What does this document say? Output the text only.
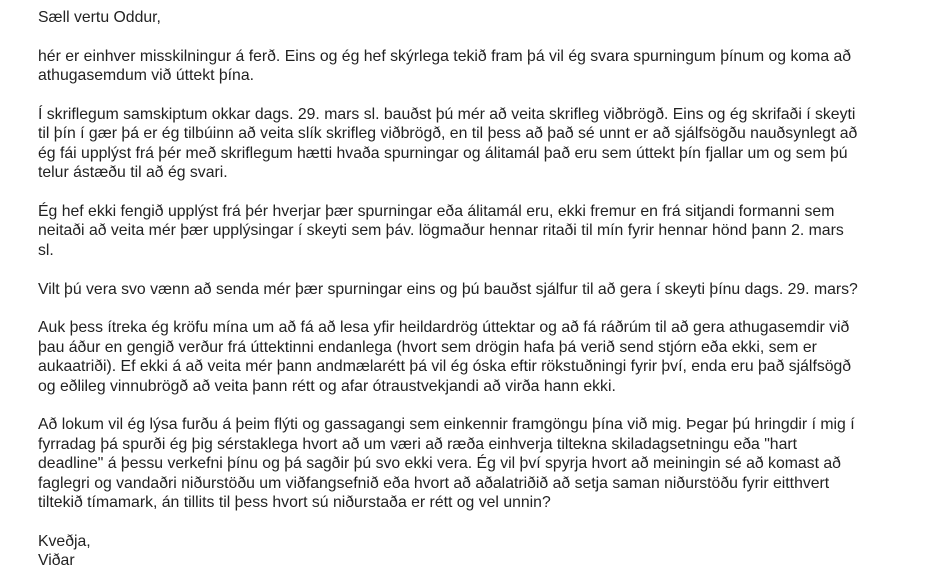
Sæll vertu Oddur,

hér er einhver misskilningur á ferð. Eins og ég hef skýrlega tekið fram þá vil ég svara spurningum þínum og koma að
athugasemdum við úttekt þína.

Í skriflegum samskiptum okkar dags. 29. mars sl. bauðst þú mér að veita skrifleg viðbrögð. Eins og ég skrifaði í skeyti
til þín í gær þá er ég tilbúinn að veita slík skrifleg viðbrögð, en til þess að það sé unnt er að sjálfsögðu nauðsynlegt að
ég fái upplýst frá þér með skriflegum hætti hvaða spurningar og álitamál það eru sem úttekt þín fjallar um og sem þú
telur ástæðu til að ég svari.

Ég hef ekki fengið upplýst frá þér hverjar þær spurningar eða álitamál eru, ekki fremur en frá sitjandi formanni sem
neitaði að veita mér þær upplýsingar í skeyti sem þáv. lögmaður hennar ritaði til mín fyrir hennar hönd þann 2. mars
sl.

Vilt þú vera svo vænn að senda mér þær spurningar eins og þú bauðst sjálfur til að gera í skeyti þínu dags. 29. mars?

Auk þess ítreka ég kröfu mína um að fá að lesa yfir heildardrög úttektar og að fá ráðrúm til að gera athugasemdir við
þau áður en gengið verður frá úttektinni endanlega (hvort sem drögin hafa þá verið send stjórn eða ekki, sem er
aukaatriði). Ef ekki á að veita mér þann andmælarétt þá vil ég óska eftir rökstuðningi fyrir því, enda eru það sjálfsögð
og eðlileg vinnubrögð að veita þann rétt og afar ótraustvekjandi að virða hann ekki.

Að lokum vil ég lýsa furðu á þeim flýti og gassagangi sem einkennir framgöngu þína við mig. Þegar þú hringdir í mig í
fyrradag þá spurði ég þig sérstaklega hvort að um væri að ræða einhverja tiltekna skiladagsetningu eða "hart
deadline" á þessu verkefni þínu og þá sagðir þú svo ekki vera. Ég vil því spyrja hvort að meiningin sé að komast að
faglegri og vandaðri niðurstöðu um viðfangsefnið eða hvort að aðalatriðið að setja saman niðurstöðu fyrir eitthvert
tiltekið tímamark, án tillits til þess hvort sú niðurstaða er rétt og vel unnin?

Kveðja,

Viðar
